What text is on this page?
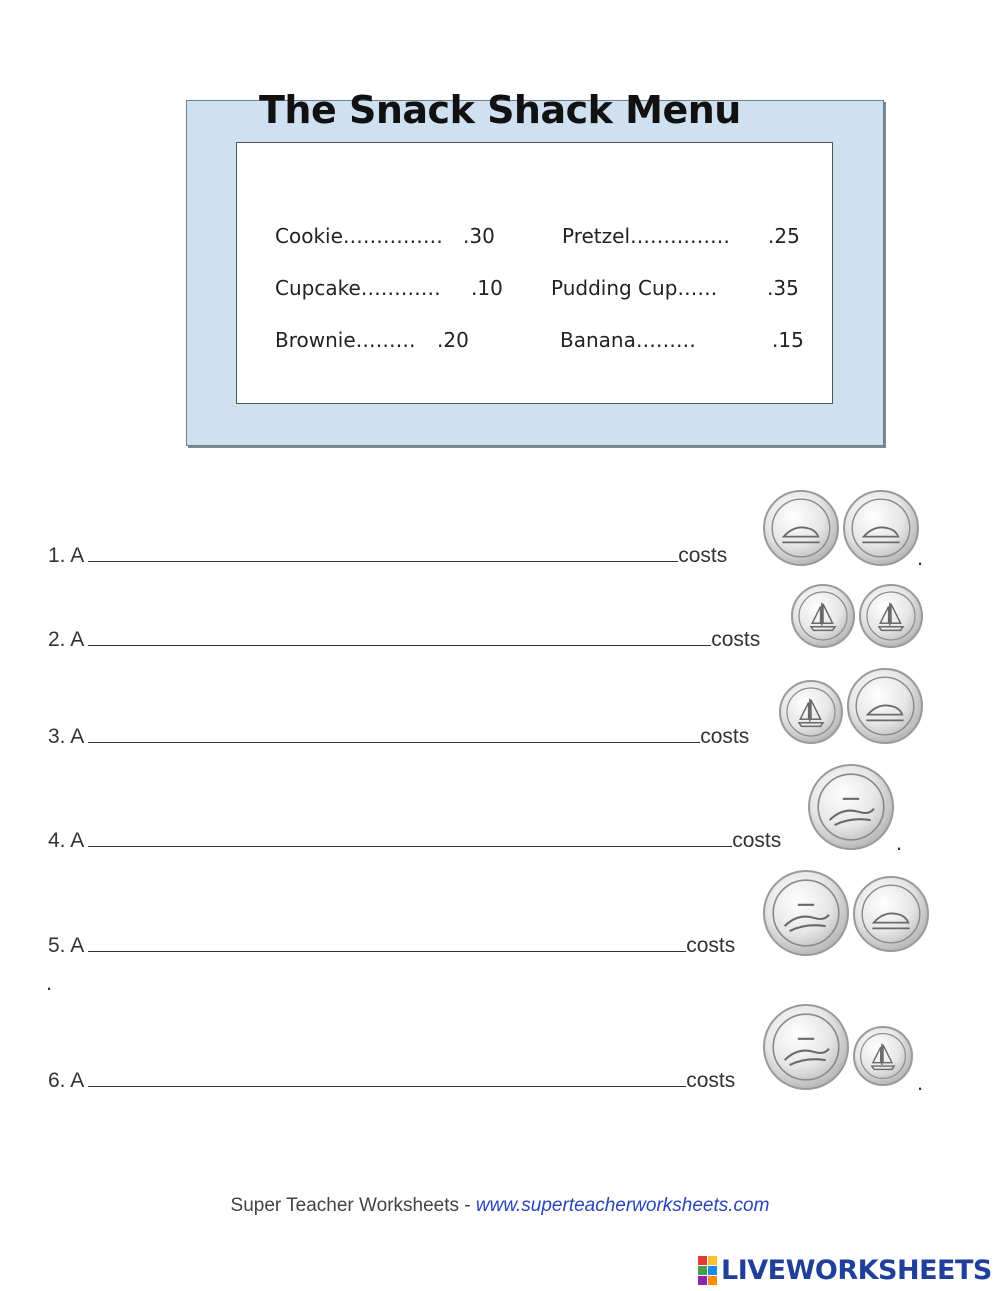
The Snack Shack Menu
Cookie…………… .30	Pretzel…………… .25
Cupcake………… .10 Pudding Cup…… .35
Brownie……… .20	Banana………	.15
1. A	costs	.
2. A	costs
3. A	costs
4. A	costs	.
5. A	costs
.
6. A	costs	.
Super Teacher Worksheets - www.superteacherworksheets.com
LIVEWORKSHEETS
